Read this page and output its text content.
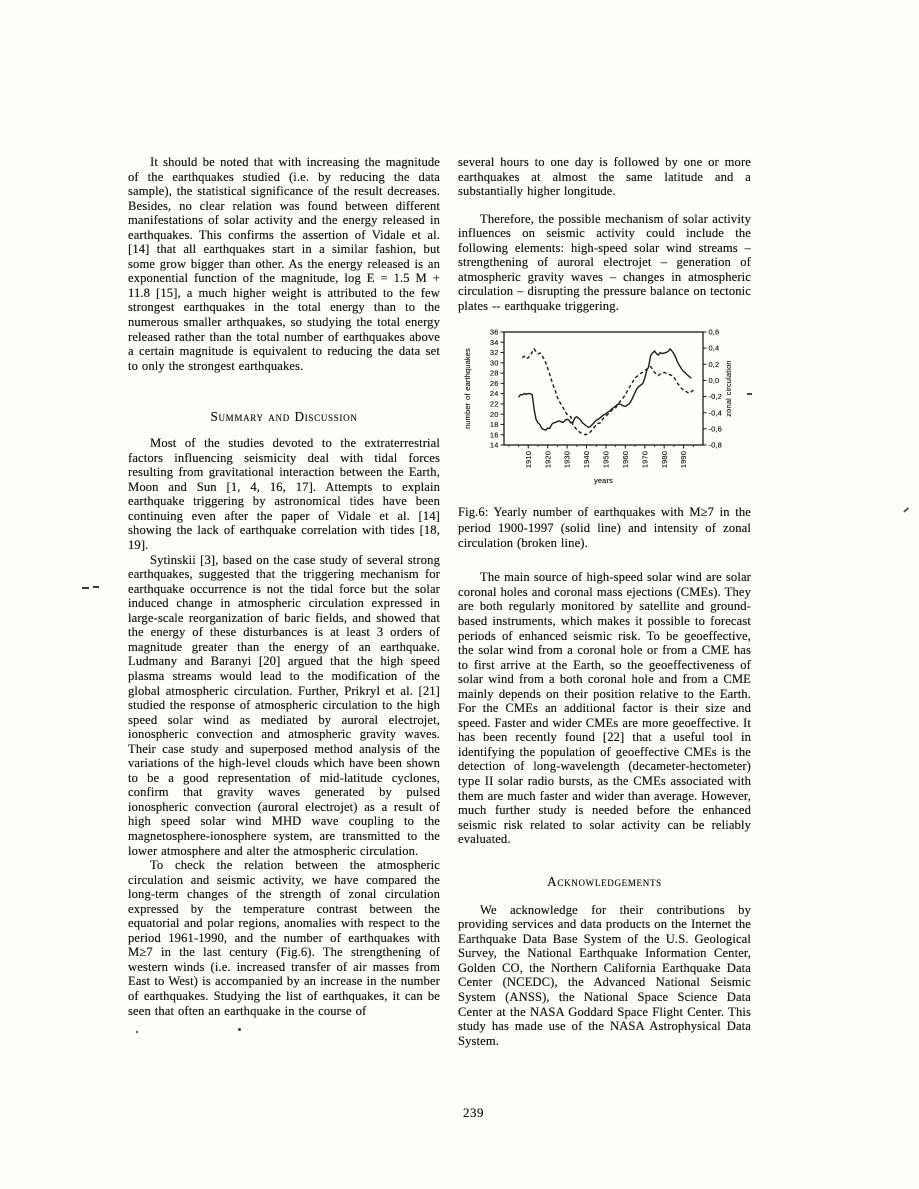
It should be noted that with increasing the magnitude of the earthquakes studied (i.e. by reducing the data sample), the statistical significance of the result decreases. Besides, no clear relation was found between different manifestations of solar activity and the energy released in earthquakes. This confirms the assertion of Vidale et al. [14] that all earthquakes start in a similar fashion, but some grow bigger than other. As the energy released is an exponential function of the magnitude, log E = 1.5 M + 11.8 [15], a much higher weight is attributed to the few strongest earthquakes in the total energy than to the numerous smaller arthquakes, so studying the total energy released rather than the total number of earthquakes above a certain magnitude is equivalent to reducing the data set to only the strongest earthquakes.

Summary and Discussion

Most of the studies devoted to the extraterrestrial factors influencing seismicity deal with tidal forces resulting from gravitational interaction between the Earth, Moon and Sun [1, 4, 16, 17]. Attempts to explain earthquake triggering by astronomical tides have been continuing even after the paper of Vidale et al. [14] showing the lack of earthquake correlation with tides [18, 19].

Sytinskii [3], based on the case study of several strong earthquakes, suggested that the triggering mechanism for earthquake occurrence is not the tidal force but the solar induced change in atmospheric circulation expressed in large-scale reorganization of baric fields, and showed that the energy of these disturbances is at least 3 orders of magnitude greater than the energy of an earthquake. Ludmany and Baranyi [20] argued that the high speed plasma streams would lead to the modification of the global atmospheric circulation. Further, Prikryl et al. [21] studied the response of atmospheric circulation to the high speed solar wind as mediated by auroral electrojet, ionospheric convection and atmospheric gravity waves. Their case study and superposed method analysis of the variations of the high-level clouds which have been shown to be a good representation of mid-latitude cyclones, confirm that gravity waves generated by pulsed ionospheric convection (auroral electrojet) as a result of high speed solar wind MHD wave coupling to the magnetosphere-ionosphere system, are transmitted to the lower atmosphere and alter the atmospheric circulation.

To check the relation between the atmospheric circulation and seismic activity, we have compared the long-term changes of the strength of zonal circulation expressed by the temperature contrast between the equatorial and polar regions, anomalies with respect to the period 1961-1990, and the number of earthquakes with M≥7 in the last century (Fig.6). The strengthening of western winds (i.e. increased transfer of air masses from East to West) is accompanied by an increase in the number of earthquakes. Studying the list of earthquakes, it can be seen that often an earthquake in the course of

several hours to one day is followed by one or more earthquakes at almost the same latitude and a substantially higher longitude.

Therefore, the possible mechanism of solar activity influences on seismic activity could include the following elements: high-speed solar wind streams – strengthening of auroral electrojet – generation of atmospheric gravity waves – changes in atmospheric circulation – disrupting the pressure balance on tectonic plates -- earthquake triggering.

36
34
32
30
28
26
24
22
20
18
16
14
0,6
0,4
0,2
0,0
-0,2
-0,4
-0,6
-0,8
1910 1920 1930 1940 1950 1960 1970 1980 1990
years
number of earthquakes	zonal circulation

Fig.6: Yearly number of earthquakes with M≥7 in the period 1900-1997 (solid line) and intensity of zonal circulation (broken line).

The main source of high-speed solar wind are solar coronal holes and coronal mass ejections (CMEs). They are both regularly monitored by satellite and ground-based instruments, which makes it possible to forecast periods of enhanced seismic risk. To be geoeffective, the solar wind from a coronal hole or from a CME has to first arrive at the Earth, so the geoeffectiveness of solar wind from a both coronal hole and from a CME mainly depends on their position relative to the Earth. For the CMEs an additional factor is their size and speed. Faster and wider CMEs are more geoeffective. It has been recently found [22] that a useful tool in identifying the population of geoeffective CMEs is the detection of long-wavelength (decameter-hectometer) type II solar radio bursts, as the CMEs associated with them are much faster and wider than average. However, much further study is needed before the enhanced seismic risk related to solar activity can be reliably evaluated.

Acknowledgements

We acknowledge for their contributions by providing services and data products on the Internet the Earthquake Data Base System of the U.S. Geological Survey, the National Earthquake Information Center, Golden CO, the Northern California Earthquake Data Center (NCEDC), the Advanced National Seismic System (ANSS), the National Space Science Data Center at the NASA Goddard Space Flight Center. This study has made use of the NASA Astrophysical Data System.

239
